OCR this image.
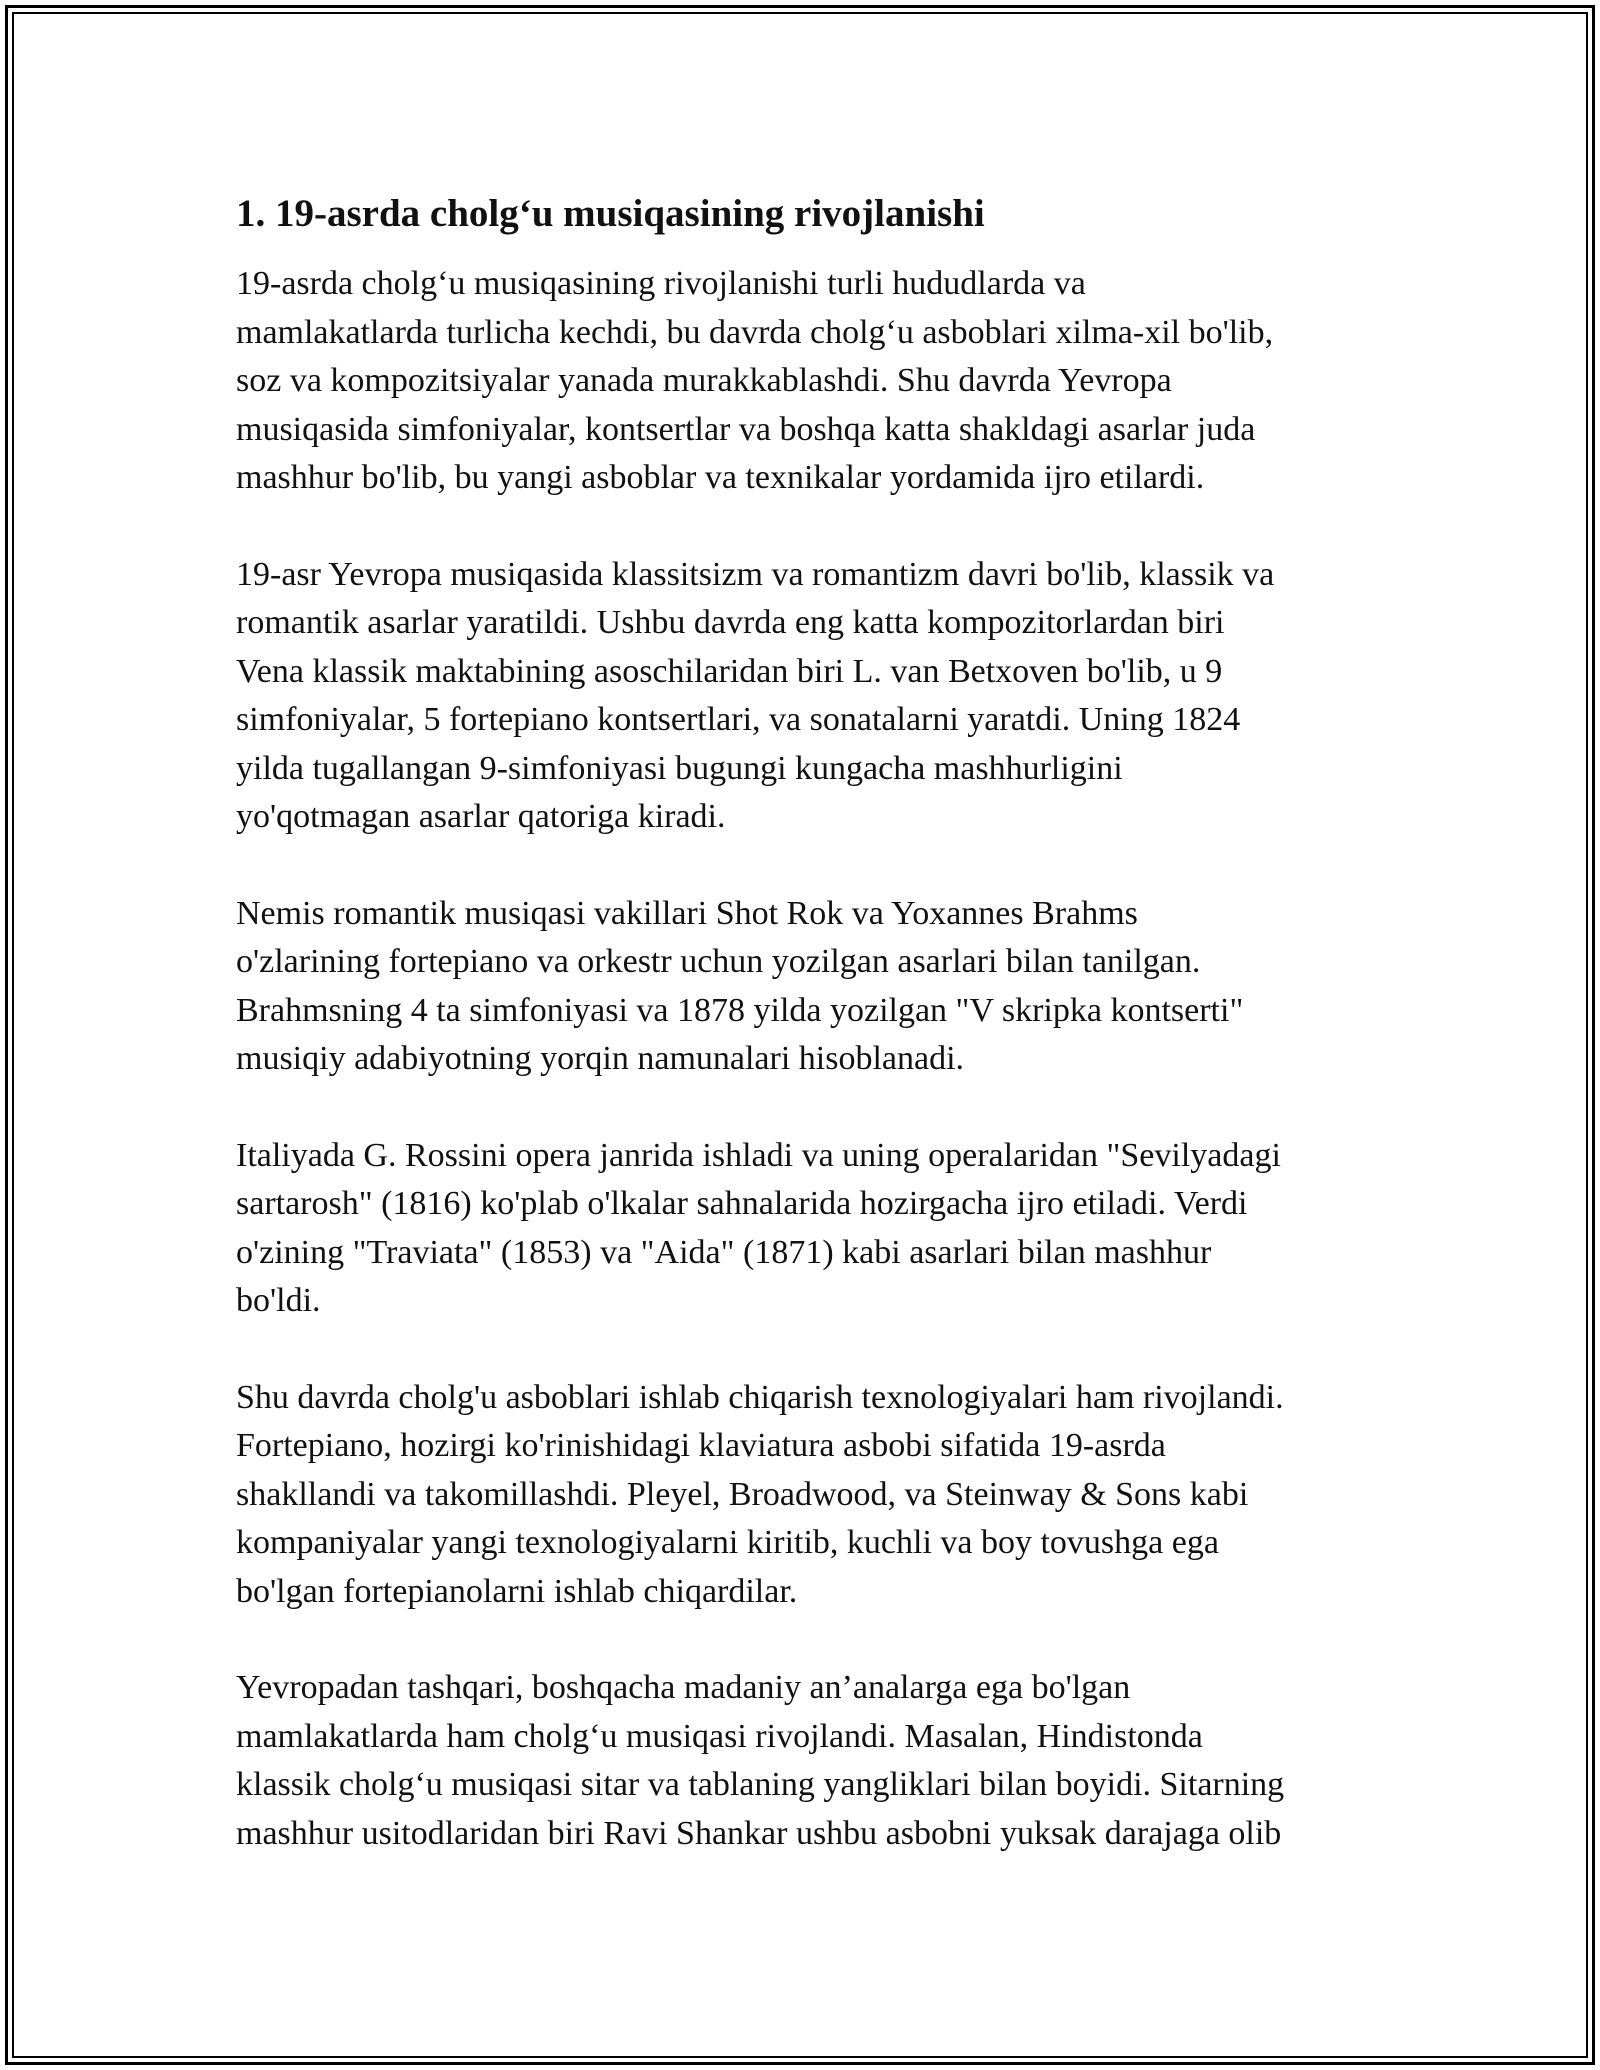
1. 19-asrda cholg‘u musiqasining rivojlanishi
19-asrda cholg‘u musiqasining rivojlanishi turli hududlarda va
mamlakatlarda turlicha kechdi, bu davrda cholg‘u asboblari xilma-xil bo'lib,
soz va kompozitsiyalar yanada murakkablashdi. Shu davrda Yevropa
musiqasida simfoniyalar, kontsertlar va boshqa katta shakldagi asarlar juda
mashhur bo'lib, bu yangi asboblar va texnikalar yordamida ijro etilardi.
19-asr Yevropa musiqasida klassitsizm va romantizm davri bo'lib, klassik va
romantik asarlar yaratildi. Ushbu davrda eng katta kompozitorlardan biri
Vena klassik maktabining asoschilaridan biri L. van Betxoven bo'lib, u 9
simfoniyalar, 5 fortepiano kontsertlari, va sonatalarni yaratdi. Uning 1824
yilda tugallangan 9-simfoniyasi bugungi kungacha mashhurligini
yo'qotmagan asarlar qatoriga kiradi.
Nemis romantik musiqasi vakillari Shot Rok va Yoxannes Brahms
o'zlarining fortepiano va orkestr uchun yozilgan asarlari bilan tanilgan.
Brahmsning 4 ta simfoniyasi va 1878 yilda yozilgan "V skripka kontserti"
musiqiy adabiyotning yorqin namunalari hisoblanadi.
Italiyada G. Rossini opera janrida ishladi va uning operalaridan "Sevilyadagi
sartarosh" (1816) ko'plab o'lkalar sahnalarida hozirgacha ijro etiladi. Verdi
o'zining "Traviata" (1853) va "Aida" (1871) kabi asarlari bilan mashhur
bo'ldi.
Shu davrda cholg'u asboblari ishlab chiqarish texnologiyalari ham rivojlandi.
Fortepiano, hozirgi ko'rinishidagi klaviatura asbobi sifatida 19-asrda
shakllandi va takomillashdi. Pleyel, Broadwood, va Steinway & Sons kabi
kompaniyalar yangi texnologiyalarni kiritib, kuchli va boy tovushga ega
bo'lgan fortepianolarni ishlab chiqardilar.
Yevropadan tashqari, boshqacha madaniy an’analarga ega bo'lgan
mamlakatlarda ham cholg‘u musiqasi rivojlandi. Masalan, Hindistonda
klassik cholg‘u musiqasi sitar va tablaning yangliklari bilan boyidi. Sitarning
mashhur usitodlaridan biri Ravi Shankar ushbu asbobni yuksak darajaga olib
